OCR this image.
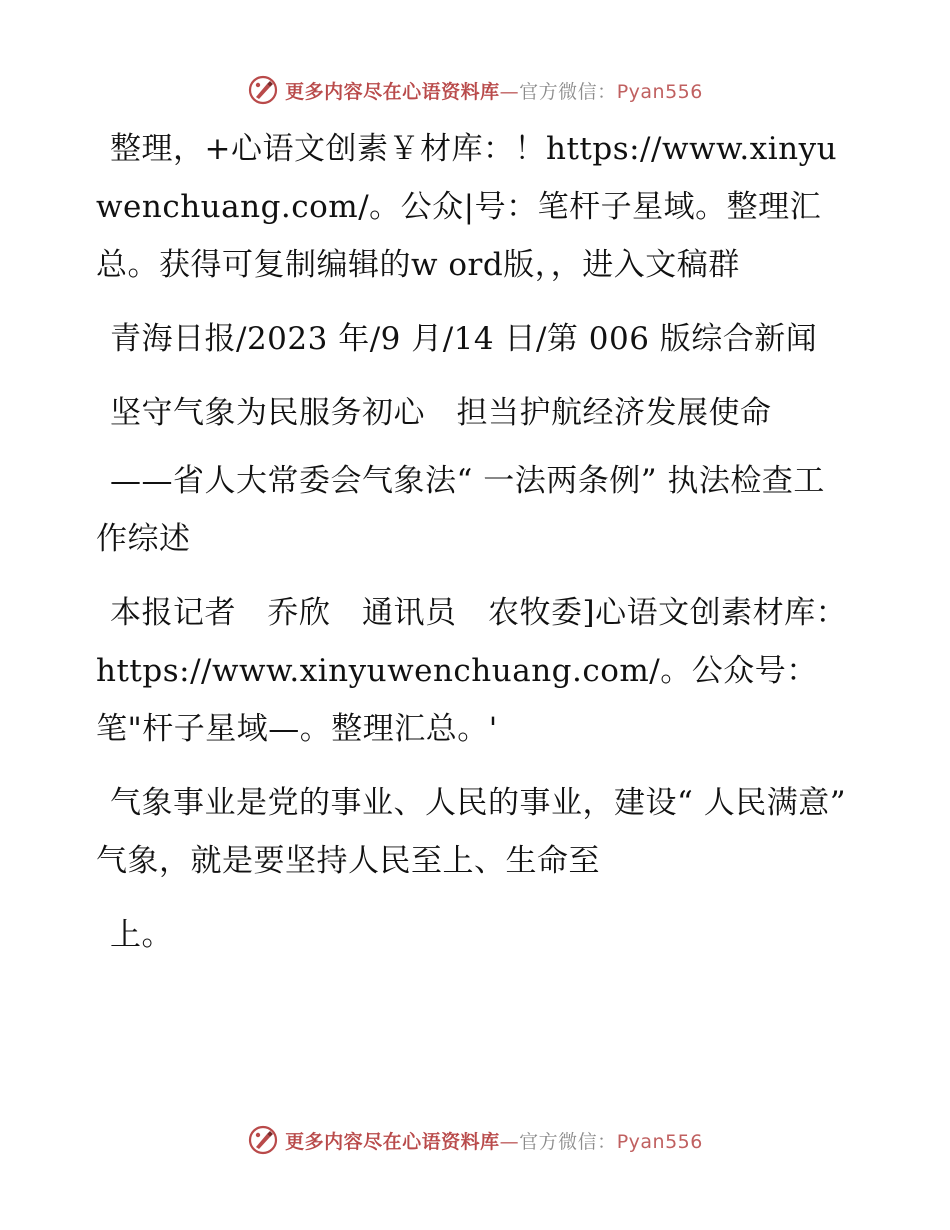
更多内容尽在心语资料库—官方微信：Pyan556

整理，+心语文创素￥材库：！https://www.xinyuwenchuang.com/。公众|号：笔杆子星域。整理汇总。获得可复制编辑的w ord版，，进入文稿群

青海日报/2023 年/9 月/14 日/第 006 版综合新闻

坚守气象为民服务初心　担当护航经济发展使命

——省人大常委会气象法“ 一法两条例” 执法检查工作综述

本报记者　乔欣　通讯员　农牧委]心语文创素材库：https://www.xinyuwenchuang.com/。公众号：笔"杆子星域—。整理汇总。'

气象事业是党的事业、人民的事业，建设“ 人民满意” 气象，就是要坚持人民至上、生命至

上。

更多内容尽在心语资料库—官方微信：Pyan556
